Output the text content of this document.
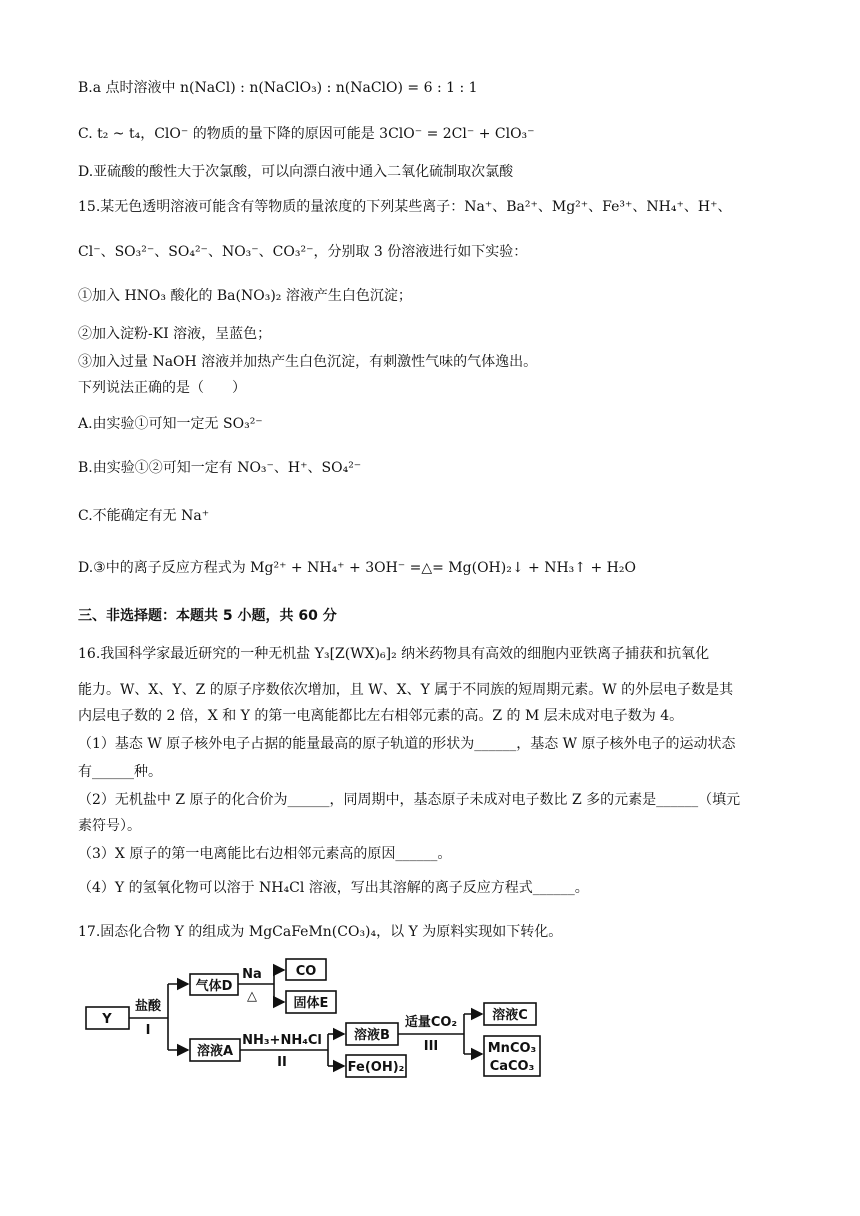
B.a 点时溶液中 n(NaCl) : n(NaClO₃) : n(NaClO) = 6 : 1 : 1
C. t₂ ~ t₄，ClO⁻ 的物质的量下降的原因可能是 3ClO⁻ = 2Cl⁻ + ClO₃⁻
D.亚硫酸的酸性大于次氯酸，可以向漂白液中通入二氧化硫制取次氯酸
15.某无色透明溶液可能含有等物质的量浓度的下列某些离子：Na⁺、Ba²⁺、Mg²⁺、Fe³⁺、NH₄⁺、H⁺、
Cl⁻、SO₃²⁻、SO₄²⁻、NO₃⁻、CO₃²⁻，分别取 3 份溶液进行如下实验：
①加入 HNO₃ 酸化的 Ba(NO₃)₂ 溶液产生白色沉淀；
②加入淀粉-KI 溶液，呈蓝色；
③加入过量 NaOH 溶液并加热产生白色沉淀，有刺激性气味的气体逸出。
下列说法正确的是（　　）
A.由实验①可知一定无 SO₃²⁻
B.由实验①②可知一定有 NO₃⁻、H⁺、SO₄²⁻
C.不能确定有无 Na⁺
D.③中的离子反应方程式为 Mg²⁺ + NH₄⁺ + 3OH⁻ =△= Mg(OH)₂↓ + NH₃↑ + H₂O
三、非选择题：本题共 5 小题，共 60 分
16.我国科学家最近研究的一种无机盐 Y₃[Z(WX)₆]₂ 纳米药物具有高效的细胞内亚铁离子捕获和抗氧化
能力。W、X、Y、Z 的原子序数依次增加，且 W、X、Y 属于不同族的短周期元素。W 的外层电子数是其
内层电子数的 2 倍，X 和 Y 的第一电离能都比左右相邻元素的高。Z 的 M 层未成对电子数为 4。
（1）基态 W 原子核外电子占据的能量最高的原子轨道的形状为______，基态 W 原子核外电子的运动状态
有______种。
（2）无机盐中 Z 原子的化合价为______，同周期中，基态原子未成对电子数比 Z 多的元素是______（填元
素符号）。
（3）X 原子的第一电离能比右边相邻元素高的原因______。
（4）Y 的氢氧化物可以溶于 NH₄Cl 溶液，写出其溶解的离子反应方程式______。
17.固态化合物 Y 的组成为 MgCaFeMn(CO₃)₄，以 Y 为原料实现如下转化。
Y
气体D
CO
固体E
溶液A
溶液B
Fe(OH)₂
溶液C
MnCO₃
CaCO₃
盐酸
I
Na
△
NH₃+NH₄Cl
II
适量CO₂
III
